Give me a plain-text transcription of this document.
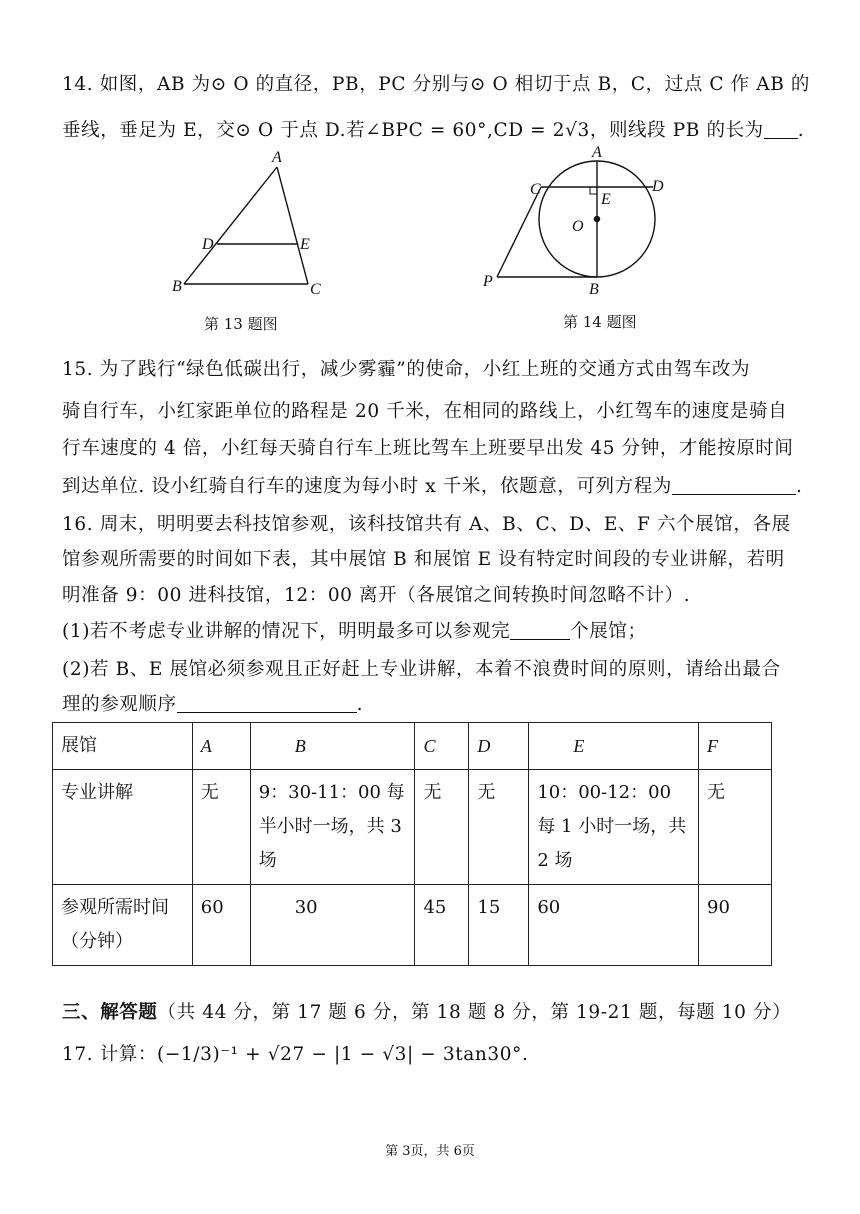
14. 如图，AB 为⊙ O 的直径，PB，PC 分别与⊙ O 相切于点 B，C，过点 C 作 AB 的
垂线，垂足为 E，交⊙ O 于点 D.若∠BPC = 60°,CD = 2√3，则线段 PB 的长为 .
A
D	E
B	C
第 13 题图
A
C	D
E
O
P	B
第 14 题图
15. 为了践行“绿色低碳出行，减少雾霾”的使命，小红上班的交通方式由驾车改为
骑自行车，小红家距单位的路程是 20 千米，在相同的路线上，小红驾车的速度是骑自
行车速度的 4 倍，小红每天骑自行车上班比驾车上班要早出发 45 分钟，才能按原时间
到达单位. 设小红骑自行车的速度为每小时 x 千米，依题意，可列方程为	.
16. 周末，明明要去科技馆参观，该科技馆共有 A、B、C、D、E、F 六个展馆，各展
馆参观所需要的时间如下表，其中展馆 B 和展馆 E 设有特定时间段的专业讲解，若明
明准备 9：00 进科技馆，12：00 离开（各展馆之间转换时间忽略不计）.
(1)若不考虑专业讲解的情况下，明明最多可以参观完	个展馆；
(2)若 B、E 展馆必须参观且正好赶上专业讲解，本着不浪费时间的原则，请给出最合
理的参观顺序	.
展馆	A	B	C	D	E	F
专业讲解	无	9：30-11：00 每半小时一场，共 3 场	无	无	10：00-12：00 每 1 小时一场，共 2 场	无
参观所需时间（分钟）	60	30	45	15	60	90
三、解答题（共 44 分，第 17 题 6 分，第 18 题 8 分，第 19-21 题，每题 10 分）
17. 计算：(−1/3)⁻¹ + √27 − |1 − √3| − 3tan30°.
第 3页，共 6页
